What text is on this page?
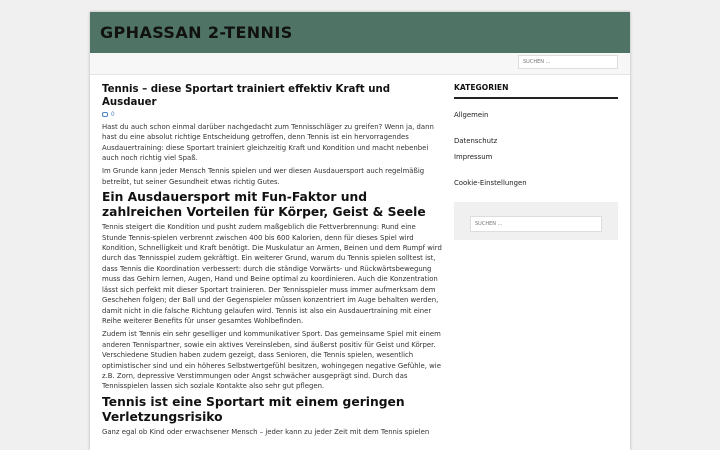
GPHASSAN 2-TENNIS
SUCHEN ...
Tennis – diese Sportart trainiert effektiv Kraft und Ausdauer
0

Hast du auch schon einmal darüber nachgedacht zum Tennisschläger zu greifen? Wenn ja, dann hast du eine absolut richtige Entscheidung getroffen, denn Tennis ist ein hervorragendes Ausdauertraining: diese Sportart trainiert gleichzeitig Kraft und Kondition und macht nebenbei auch noch richtig viel Spaß.

Im Grunde kann jeder Mensch Tennis spielen und wer diesen Ausdauersport auch regelmäßig betreibt, tut seiner Gesundheit etwas richtig Gutes.

Ein Ausdauersport mit Fun-Faktor und zahlreichen Vorteilen für Körper, Geist & Seele

Tennis steigert die Kondition und pusht zudem maßgeblich die Fettverbrennung: Rund eine Stunde Tennis-spielen verbrennt zwischen 400 bis 600 Kalorien, denn für dieses Spiel wird Kondition, Schnelligkeit und Kraft benötigt. Die Muskulatur an Armen, Beinen und dem Rumpf wird durch das Tennisspiel zudem gekräftigt. Ein weiterer Grund, warum du Tennis spielen solltest ist, dass Tennis die Koordination verbessert: durch die ständige Vorwärts- und Rückwärtsbewegung muss das Gehirn lernen, Augen, Hand und Beine optimal zu koordinieren. Auch die Konzentration lässt sich perfekt mit dieser Sportart trainieren. Der Tennisspieler muss immer aufmerksam dem Geschehen folgen; der Ball und der Gegenspieler müssen konzentriert im Auge behalten werden, damit nicht in die falsche Richtung gelaufen wird. Tennis ist also ein Ausdauertraining mit einer Reihe weiterer Benefits für unser gesamtes Wohlbefinden.

Zudem ist Tennis ein sehr geselliger und kommunikativer Sport. Das gemeinsame Spiel mit einem anderen Tennispartner, sowie ein aktives Vereinsleben, sind äußerst positiv für Geist und Körper. Verschiedene Studien haben zudem gezeigt, dass Senioren, die Tennis spielen, wesentlich optimistischer sind und ein höheres Selbstwertgefühl besitzen, wohingegen negative Gefühle, wie z.B. Zorn, depressive Verstimmungen oder Angst schwächer ausgeprägt sind. Durch das Tennisspielen lassen sich soziale Kontakte also sehr gut pflegen.

Tennis ist eine Sportart mit einem geringen Verletzungsrisiko

Ganz egal ob Kind oder erwachsener Mensch – jeder kann zu jeder Zeit mit dem Tennis spielen

KATEGORIEN
Allgemein
Datenschutz
Impressum
Cookie-Einstellungen
SUCHEN ...
